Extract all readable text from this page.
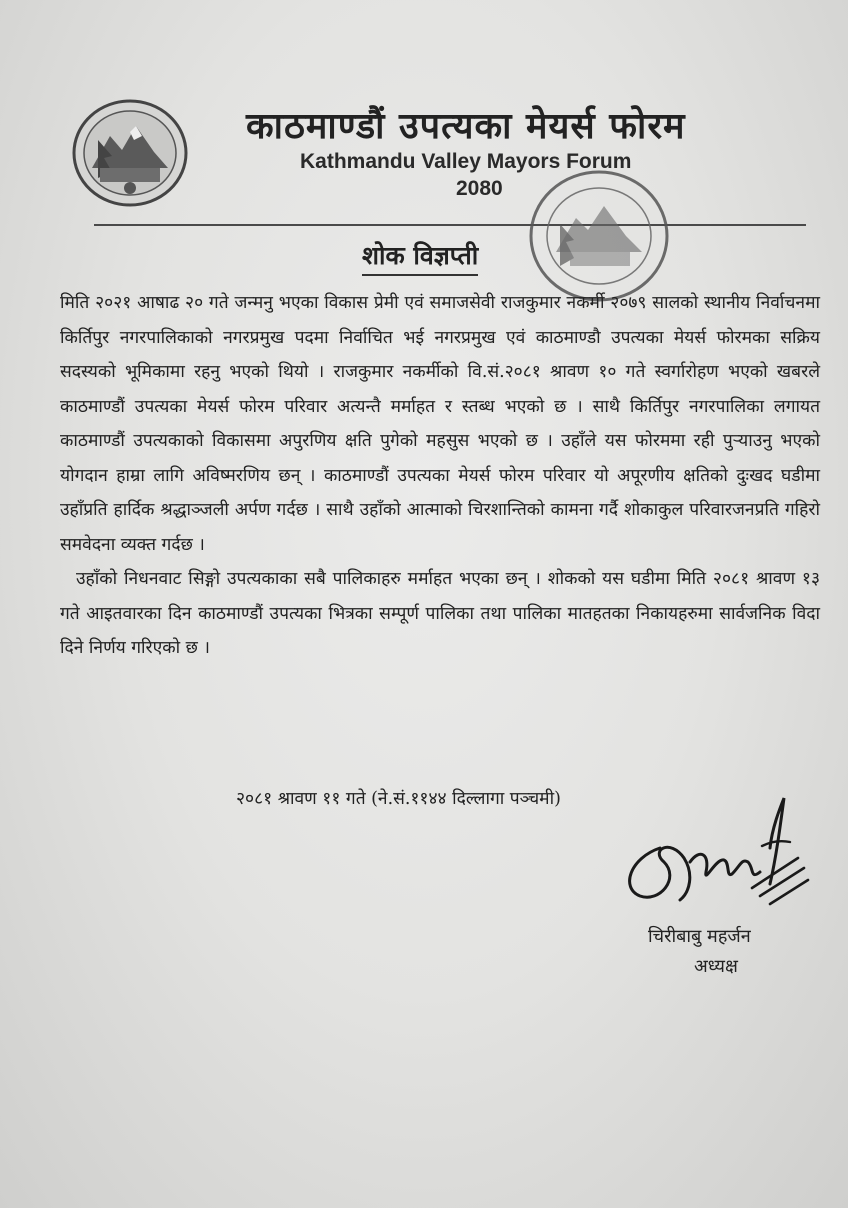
काठमाण्डौं उपत्यका मेयर्स फोरम
Kathmandu Valley Mayors Forum
2080
शोक विज्ञप्ती

मिति २०२१ आषाढ २० गते जन्मनु भएका विकास प्रेमी एवं समाजसेवी राजकुमार नकर्मी २०७९ सालको स्थानीय निर्वाचनमा किर्तिपुर नगरपालिकाको नगरप्रमुख पदमा निर्वाचित भई नगरप्रमुख एवं काठमाण्डौ उपत्यका मेयर्स फोरमका सक्रिय सदस्यको भूमिकामा रहनु भएको थियो । राजकुमार नकर्मीको वि.सं.२०८१ श्रावण १० गते स्वर्गारोहण भएको खबरले काठमाण्डौं उपत्यका मेयर्स फोरम परिवार अत्यन्तै मर्माहत र स्तब्ध भएको छ । साथै किर्तिपुर नगरपालिका लगायत काठमाण्डौं उपत्यकाको विकासमा अपुरणिय क्षति पुगेको महसुस भएको छ । उहाँले यस फोरममा रही पुऱ्याउनु भएको योगदान हाम्रा लागि अविष्मरणिय छन् । काठमाण्डौं उपत्यका मेयर्स फोरम परिवार यो अपूरणीय क्षतिको दुःखद घडीमा उहाँप्रति हार्दिक श्रद्धाञ्जली अर्पण गर्दछ । साथै उहाँको आत्माको चिरशान्तिको कामना गर्दै शोकाकुल परिवारजनप्रति गहिरो समवेदना व्यक्त गर्दछ ।

उहाँको निधनवाट सिङ्गो उपत्यकाका सबै पालिकाहरु मर्माहत भएका छन् । शोकको यस घडीमा मिति २०८१ श्रावण १३ गते आइतवारका दिन काठमाण्डौं उपत्यका भित्रका सम्पूर्ण पालिका तथा पालिका मातहतका निकायहरुमा सार्वजनिक विदा दिने निर्णय गरिएको छ ।

२०८१ श्रावण ११ गते (ने.सं.११४४ दिल्लागा पञ्चमी)
चिरीबाबु महर्जन
अध्यक्ष
